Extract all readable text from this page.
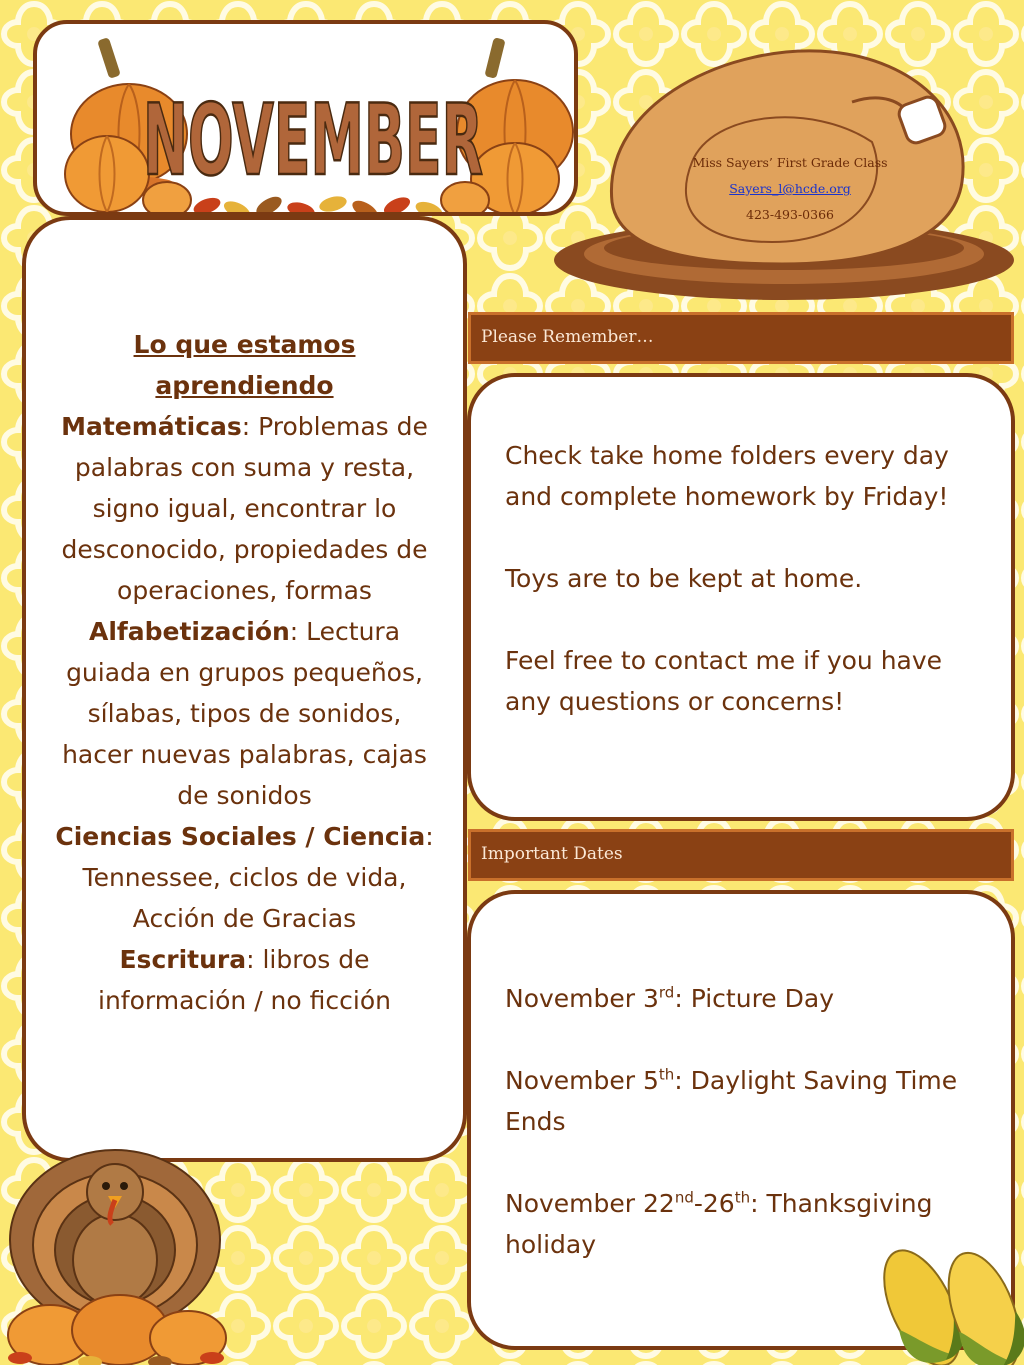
NOVEMBER	Miss Sayers’ First Grade Class
Sayers_l@hcde.org
423-493-0366

Lo que estamos aprendiendo

Matemáticas: Problemas de palabras con suma y resta, signo igual, encontrar lo desconocido, propiedades de operaciones, formas

Alfabetización: Lectura guiada en grupos pequeños, sílabas, tipos de sonidos, hacer nuevas palabras, cajas de sonidos

Ciencias Sociales / Ciencia: Tennessee, ciclos de vida, Acción de Gracias

Escritura: libros de información / no ficción

Please Remember…

Check take home folders every day and complete homework by Friday!

Toys are to be kept at home.

Feel free to contact me if you have any questions or concerns!

Important Dates

November 3rd: Picture Day

November 5th: Daylight Saving Time Ends

November 22nd-26th: Thanksgiving holiday
